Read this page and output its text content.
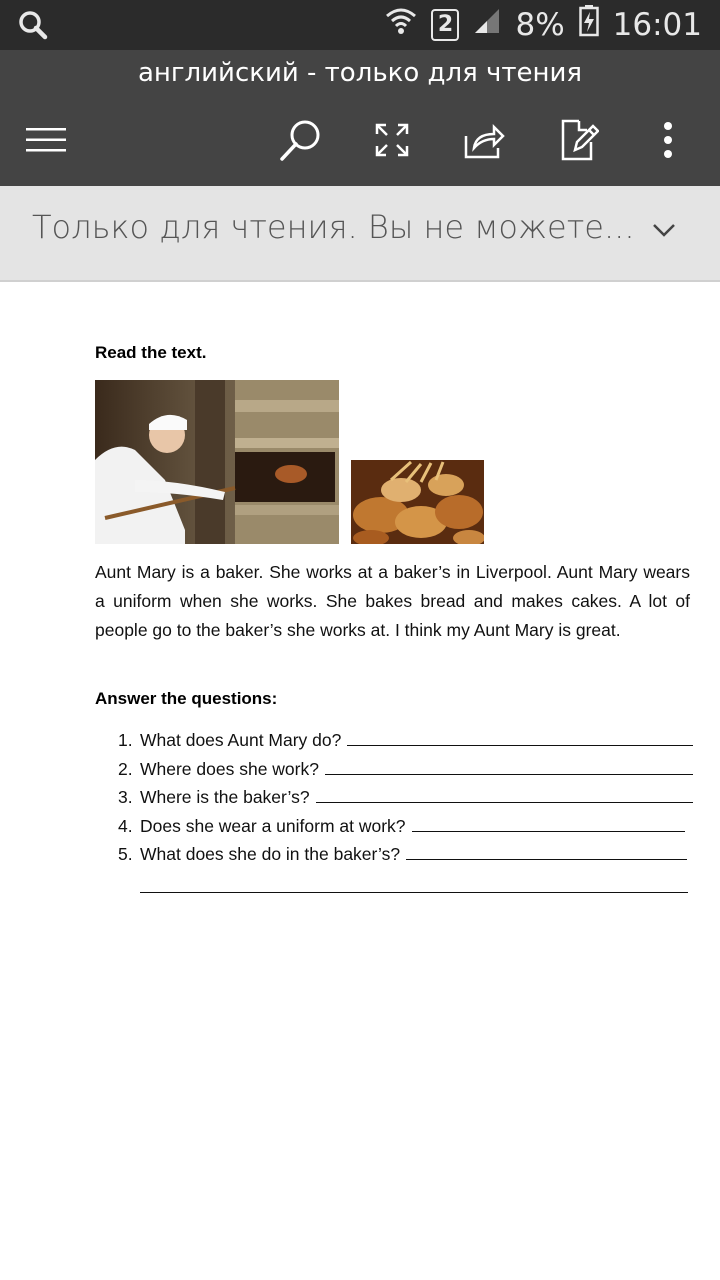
2 8% 16:01
английский - только для чтения
Только для чтения. Вы не можете...
Read the text.
Aunt Mary is a baker. She works at a baker’s in Liverpool. Aunt Mary wears a uniform when she works. She bakes bread and makes cakes. A lot of people go to the baker’s she works at. I think my Aunt Mary is great.
Answer the questions:
1. What does Aunt Mary do?
2. Where does she work?
3. Where is the baker’s?
4. Does she wear a uniform at work?
5. What does she do in the baker’s?
